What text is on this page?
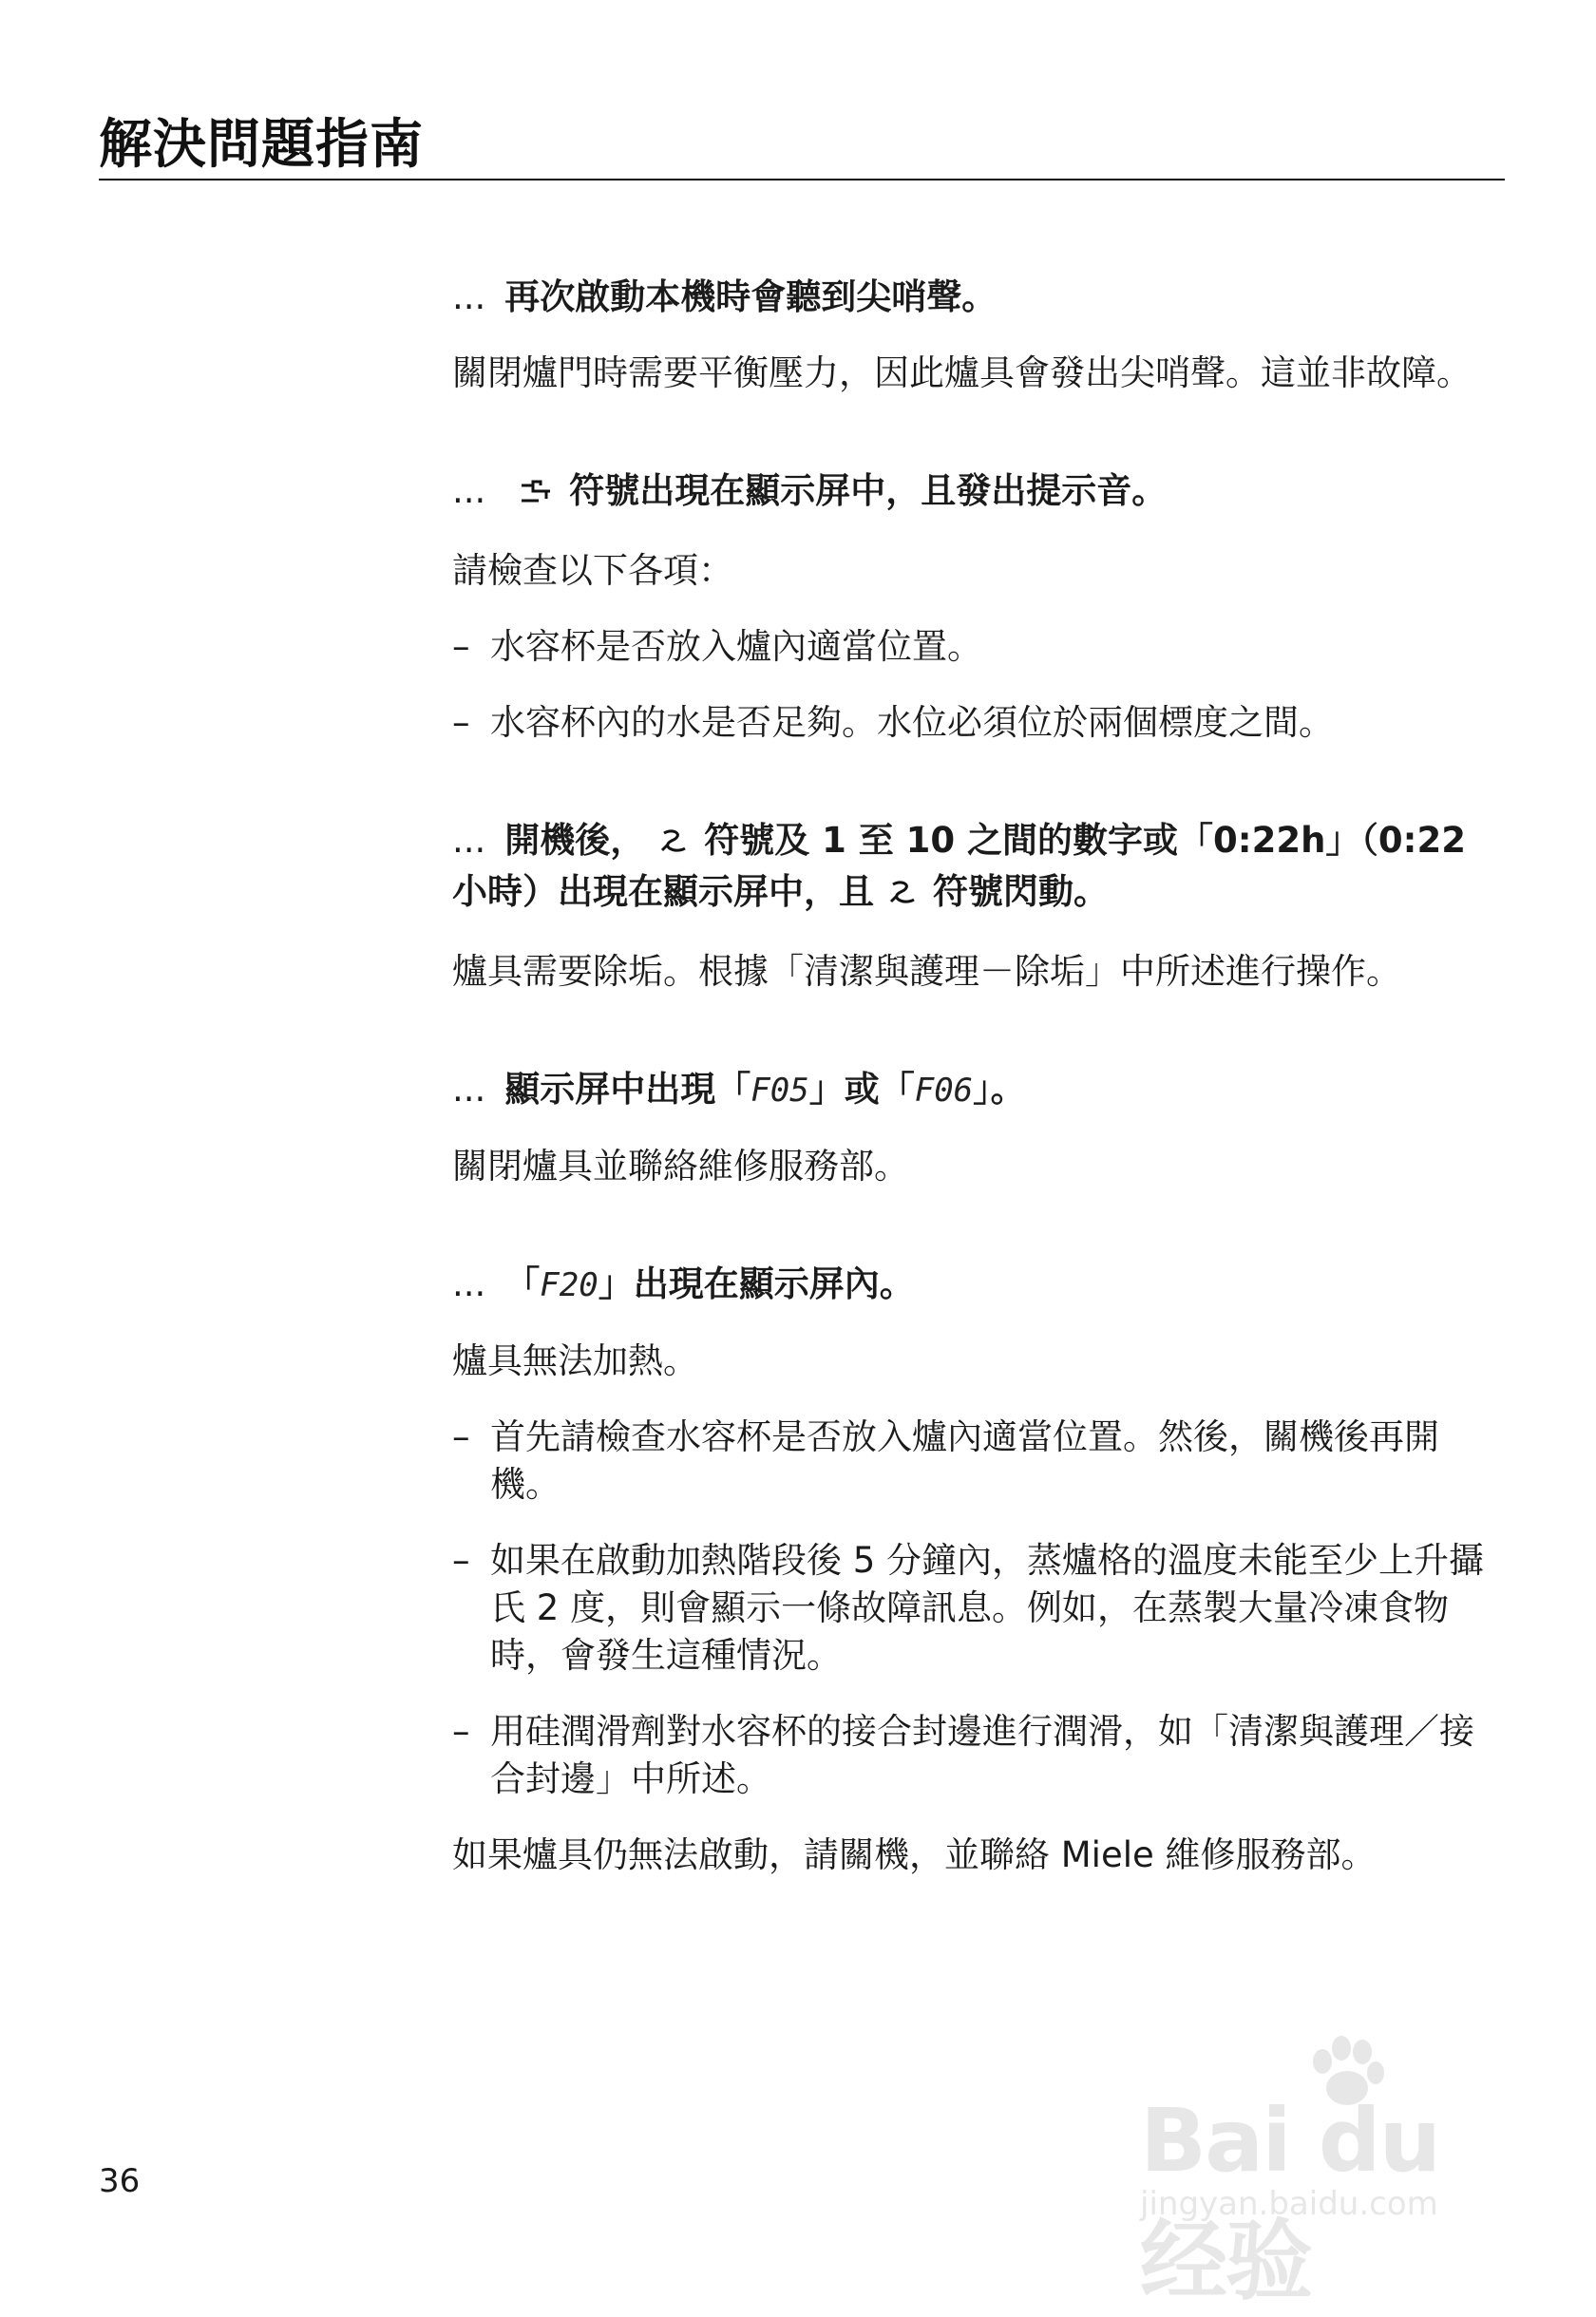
解決問題指南
... 再次啟動本機時會聽到尖哨聲。
關閉爐門時需要平衡壓力，因此爐具會發出尖哨聲。這並非故障。
... 符號出現在顯示屏中，且發出提示音。
請檢查以下各項：
– 水容杯是否放入爐內適當位置。
– 水容杯內的水是否足夠。水位必須位於兩個標度之間。
... 開機後， 符號及 1 至 10 之間的數字或「0:22h」（0:22 小時）出現在顯示屏中，且 符號閃動。
爐具需要除垢。根據「清潔與護理－除垢」中所述進行操作。
... 顯示屏中出現「F05」或「F06」。
關閉爐具並聯絡維修服務部。
... 「F20」出現在顯示屏內。
爐具無法加熱。
– 首先請檢查水容杯是否放入爐內適當位置。然後，關機後再開機。
– 如果在啟動加熱階段後 5 分鐘內，蒸爐格的溫度未能至少上升攝氏 2 度，則會顯示一條故障訊息。例如，在蒸製大量冷凍食物時，會發生這種情況。
– 用硅潤滑劑對水容杯的接合封邊進行潤滑，如「清潔與護理／接合封邊」中所述。
如果爐具仍無法啟動，請關機，並聯絡 Miele 維修服務部。
36	Bai du 经验
jingyan.baidu.com
